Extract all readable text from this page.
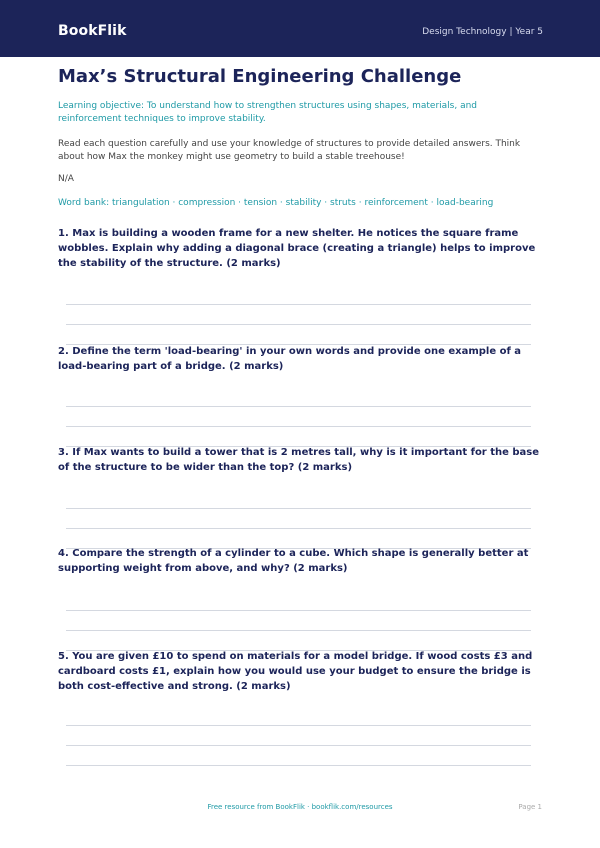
BookFlik	Design Technology | Year 5
Max’s Structural Engineering Challenge
Learning objective: To understand how to strengthen structures using shapes, materials, and reinforcement techniques to improve stability.
Read each question carefully and use your knowledge of structures to provide detailed answers. Think about how Max the monkey might use geometry to build a stable treehouse!
N/A
Word bank: triangulation · compression · tension · stability · struts · reinforcement · load-bearing

1. Max is building a wooden frame for a new shelter. He notices the square frame wobbles. Explain why adding a diagonal brace (creating a triangle) helps to improve the stability of the structure. (2 marks)

2. Define the term 'load-bearing' in your own words and provide one example of a load-bearing part of a bridge. (2 marks)

3. If Max wants to build a tower that is 2 metres tall, why is it important for the base of the structure to be wider than the top? (2 marks)

4. Compare the strength of a cylinder to a cube. Which shape is generally better at supporting weight from above, and why? (2 marks)

5. You are given £10 to spend on materials for a model bridge. If wood costs £3 and cardboard costs £1, explain how you would use your budget to ensure the bridge is both cost-effective and strong. (2 marks)

Free resource from BookFlik · bookflik.com/resources	Page 1
